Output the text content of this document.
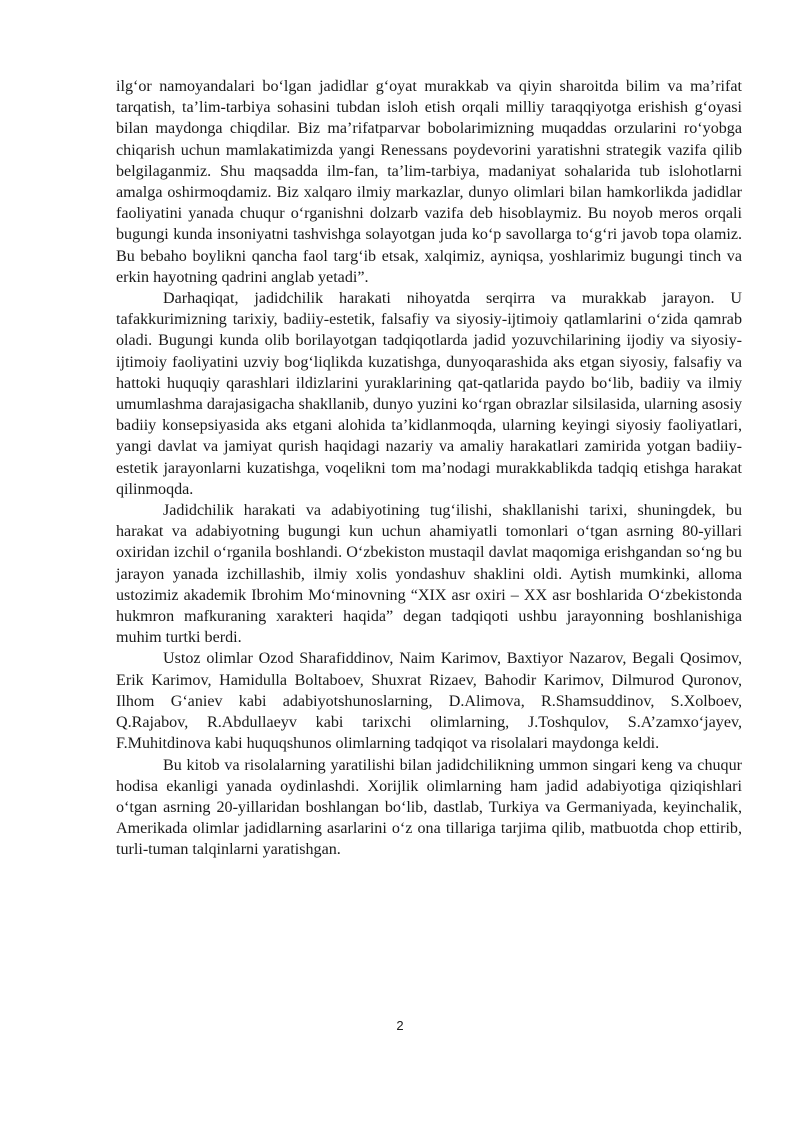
ilg‘or namoyandalari bo‘lgan jadidlar g‘oyat murakkab va qiyin sharoitda bilim va ma’rifat tarqatish, ta’lim-tarbiya sohasini tubdan isloh etish orqali milliy taraqqiyotga erishish g‘oyasi bilan maydonga chiqdilar. Biz ma’rifatparvar bobolarimizning muqaddas orzularini ro‘yobga chiqarish uchun mamlakatimizda yangi Renessans poydevorini yaratishni strategik vazifa qilib belgilaganmiz. Shu maqsadda ilm-fan, ta’lim-tarbiya, madaniyat sohalarida tub islohotlarni amalga oshirmoqdamiz. Biz xalqaro ilmiy markazlar, dunyo olimlari bilan hamkorlikda jadidlar faoliyatini yanada chuqur o‘rganishni dolzarb vazifa deb hisoblaymiz. Bu noyob meros orqali bugungi kunda insoniyatni tashvishga solayotgan juda ko‘p savollarga to‘g‘ri javob topa olamiz. Bu bebaho boylikni qancha faol targ‘ib etsak, xalqimiz, ayniqsa, yoshlarimiz bugungi tinch va erkin hayotning qadrini anglab yetadi”.

Darhaqiqat, jadidchilik harakati nihoyatda serqirra va murakkab jarayon. U tafakkurimizning tarixiy, badiiy-estetik, falsafiy va siyosiy-ijtimoiy qatlamlarini o‘zida qamrab oladi. Bugungi kunda olib borilayotgan tadqiqotlarda jadid yozuvchilarining ijodiy va siyosiy-ijtimoiy faoliyatini uzviy bog‘liqlikda kuzatishga, dunyoqarashida aks etgan siyosiy, falsafiy va hattoki huquqiy qarashlari ildizlarini yuraklarining qat-qatlarida paydo bo‘lib, badiiy va ilmiy umumlashma darajasigacha shakllanib, dunyo yuzini ko‘rgan obrazlar silsilasida, ularning asosiy badiiy konsepsiyasida aks etgani alohida ta’kidlanmoqda, ularning keyingi siyosiy faoliyatlari, yangi davlat va jamiyat qurish haqidagi nazariy va amaliy harakatlari zamirida yotgan badiiy-estetik jarayonlarni kuzatishga, voqelikni tom ma’nodagi murakkablikda tadqiq etishga harakat qilinmoqda.

Jadidchilik harakati va adabiyotining tug‘ilishi, shakllanishi tarixi, shuningdek, bu harakat va adabiyotning bugungi kun uchun ahamiyatli tomonlari o‘tgan asrning 80-yillari oxiridan izchil o‘rganila boshlandi. O‘zbekiston mustaqil davlat maqomiga erishgandan so‘ng bu jarayon yanada izchillashib, ilmiy xolis yondashuv shaklini oldi. Aytish mumkinki, alloma ustozimiz akademik Ibrohim Mo‘minovning “XIX asr oxiri – XX asr boshlarida O‘zbekistonda hukmron mafkuraning xarakteri haqida” degan tadqiqoti ushbu jarayonning boshlanishiga muhim turtki berdi.

Ustoz olimlar Ozod Sharafiddinov, Naim Karimov, Baxtiyor Nazarov, Begali Qosimov, Erik Karimov, Hamidulla Boltaboev, Shuxrat Rizaev, Bahodir Karimov, Dilmurod Quronov, Ilhom G‘aniev kabi adabiyotshunoslarning, D.Alimova, R.Shamsuddinov, S.Xolboev, Q.Rajabov, R.Abdullaeyv kabi tarixchi olimlarning, J.Toshqulov, S.A’zamxo‘jayev, F.Muhitdinova kabi huquqshunos olimlarning tadqiqot va risolalari maydonga keldi.

Bu kitob va risolalarning yaratilishi bilan jadidchilikning ummon singari keng va chuqur hodisa ekanligi yanada oydinlashdi. Xorijlik olimlarning ham jadid adabiyotiga qiziqishlari o‘tgan asrning 20-yillaridan boshlangan bo‘lib, dastlab, Turkiya va Germaniyada, keyinchalik, Amerikada olimlar jadidlarning asarlarini o‘z ona tillariga tarjima qilib, matbuotda chop ettirib, turli-tuman talqinlarni yaratishgan.

2
